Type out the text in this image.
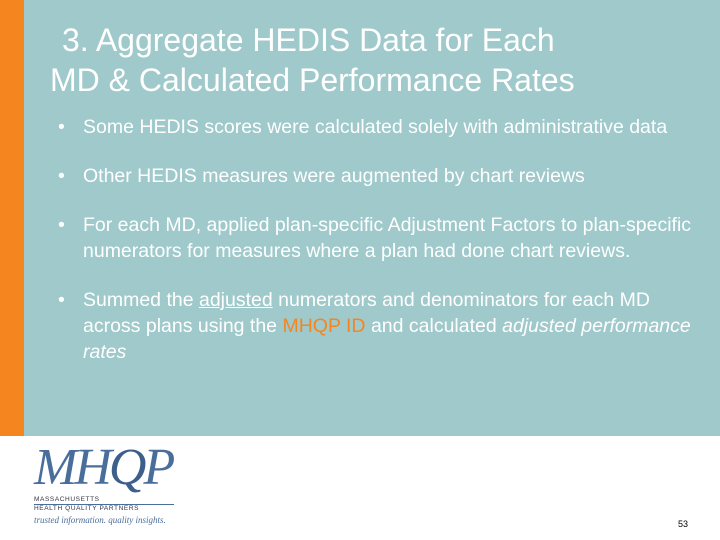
3. Aggregate HEDIS Data for Each
MD & Calculated Performance Rates
• Some HEDIS scores were calculated solely with administrative data
• Other HEDIS measures were augmented by chart reviews
• For each MD, applied plan-specific Adjustment Factors to plan-specific numerators for measures where a plan had done chart reviews.
• Summed the adjusted numerators and denominators for each MD across plans using the MHQP ID and calculated adjusted performance rates
MHQP
MASSACHUSETTS
HEALTH QUALITY PARTNERS
trusted information. quality insights.	53
